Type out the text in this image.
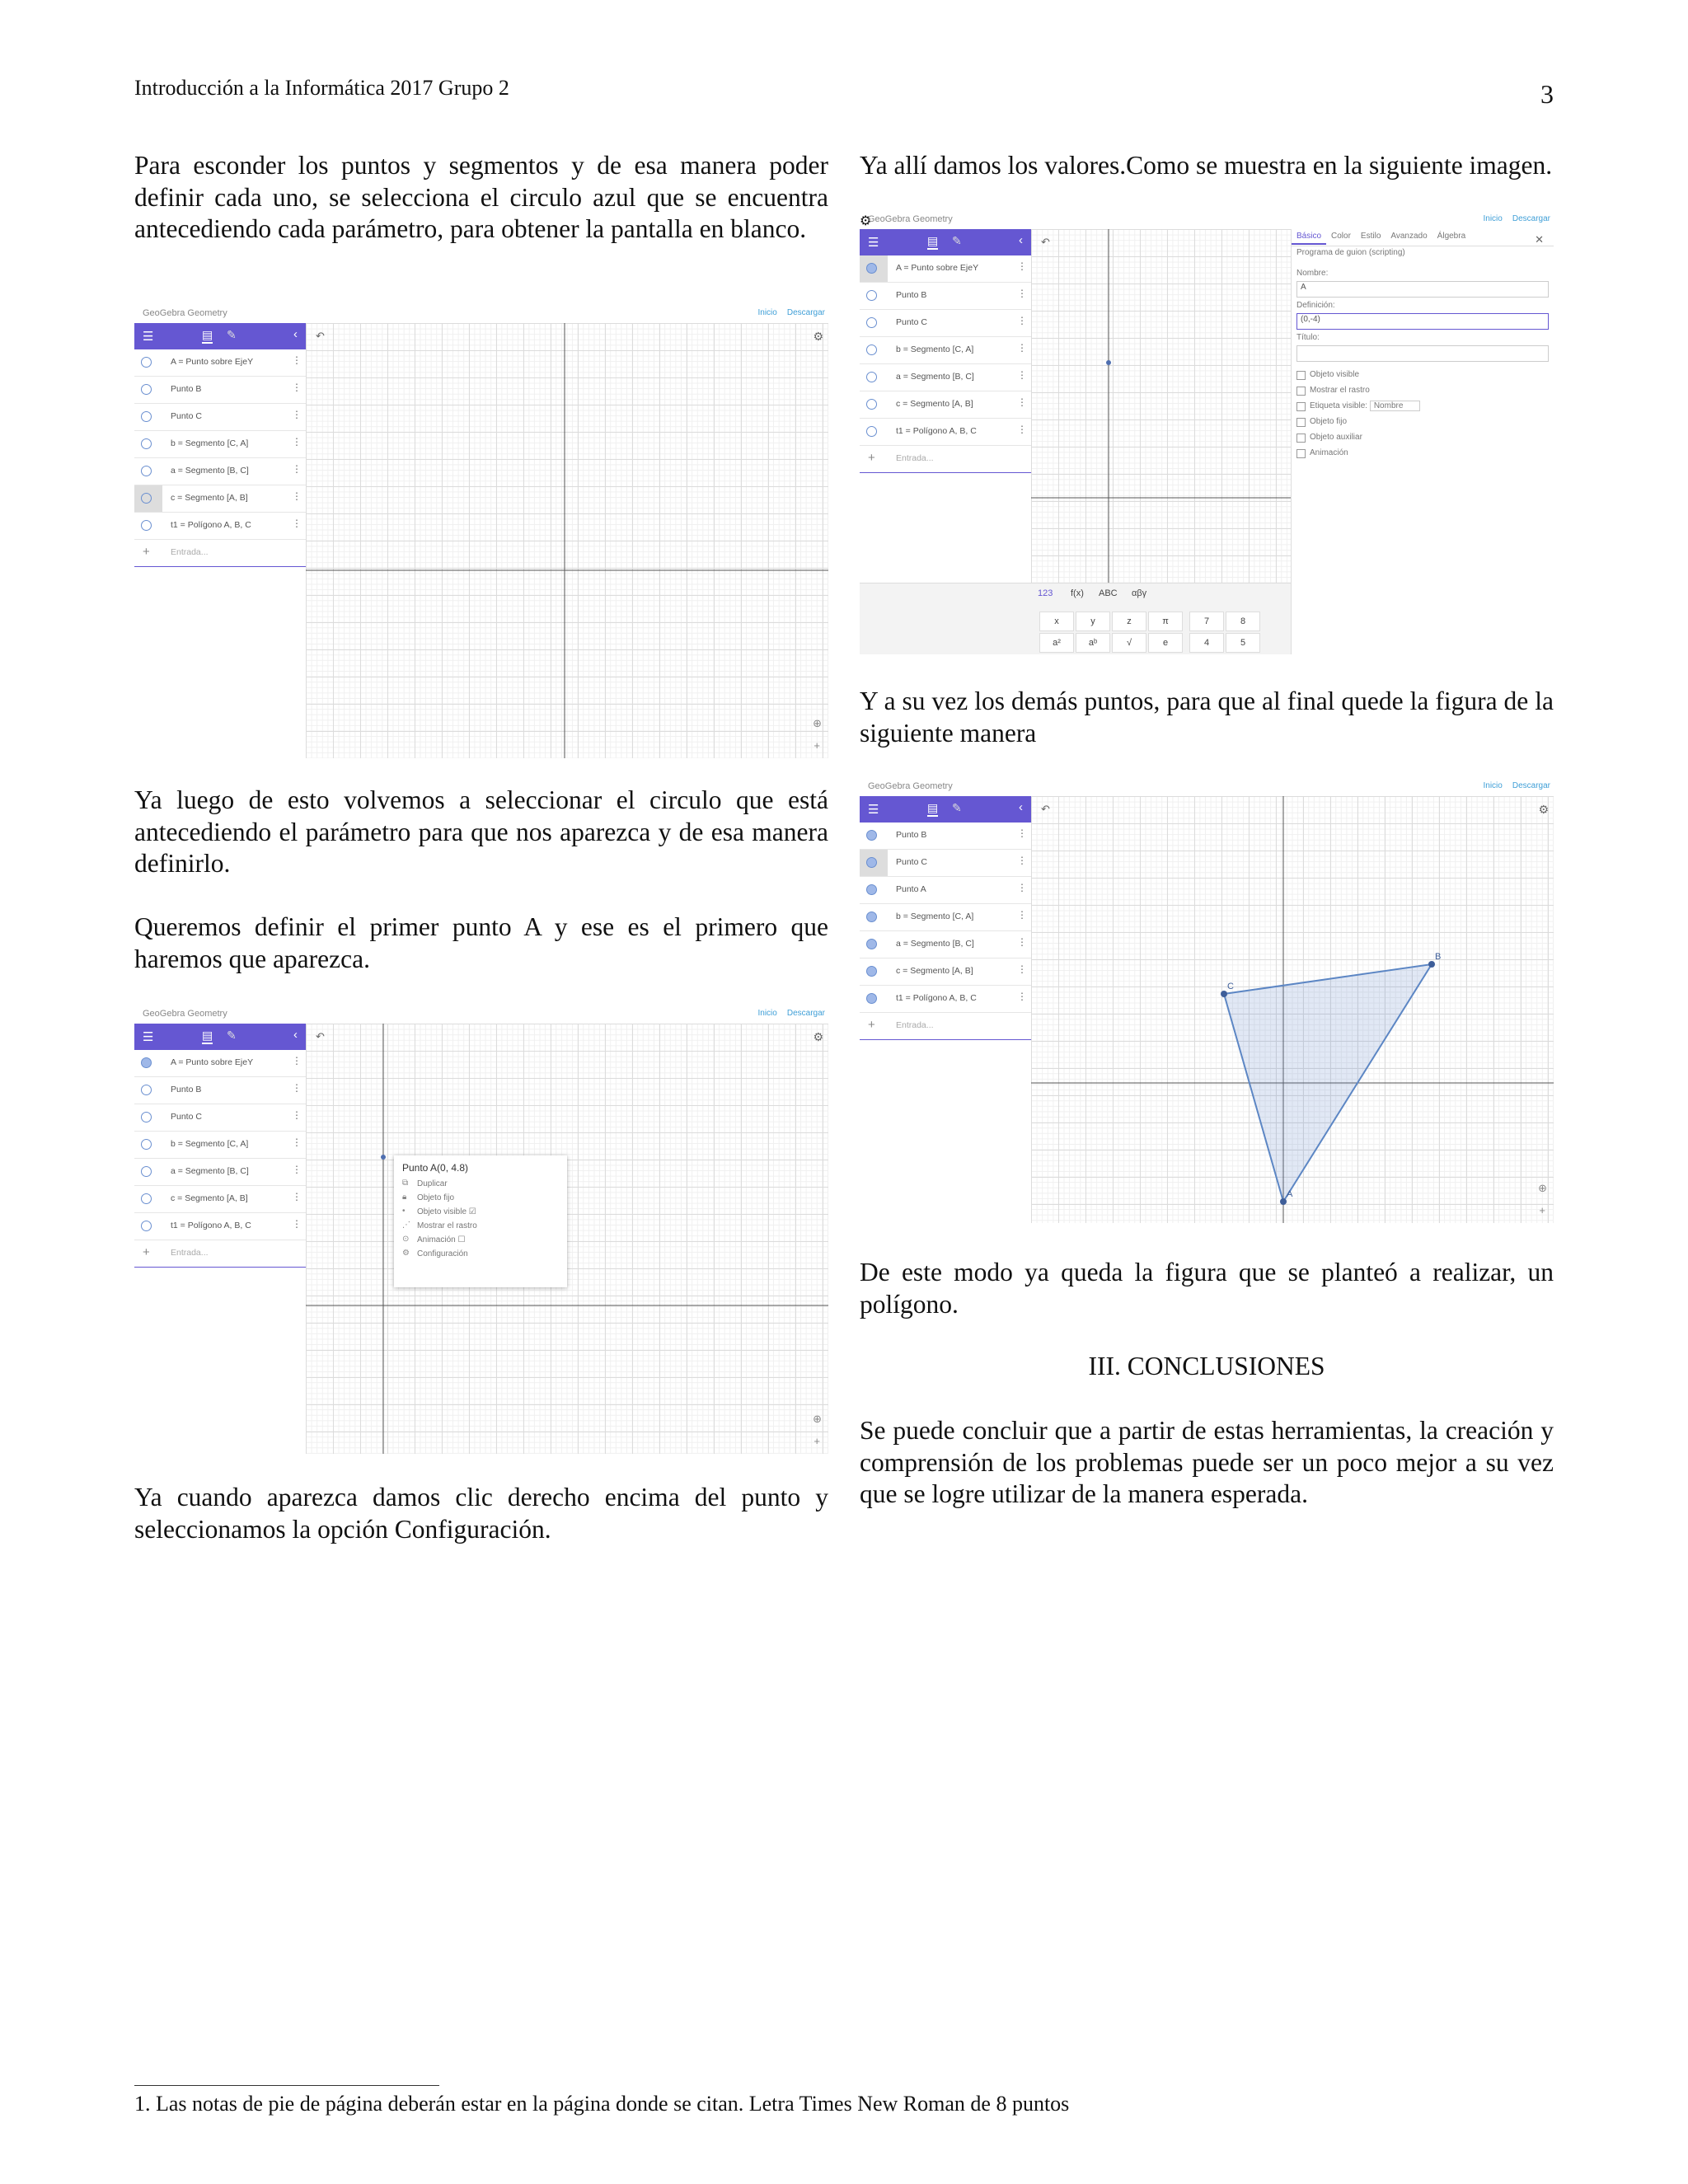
Introducción a la Informática 2017 Grupo 2	3
Para esconder los puntos y segmentos y de esa manera poder definir cada uno, se selecciona el circulo azul que se encuentra antecediendo cada parámetro, para obtener la pantalla en blanco.
GeoGebra Geometry	Inicio Descargar
☰	▤ ✎	‹
A = Punto sobre EjeY	⋮
Punto B	⋮
Punto C	⋮
b = Segmento [C, A]	⋮
a = Segmento [B, C]	⋮
c = Segmento [A, B]	⋮
t1 = Polígono A, B, C	⋮
+ Entrada...
↶	⚙
⊕
+
Ya luego de esto volvemos a seleccionar el circulo que está antecediendo el parámetro para que nos aparezca y de esa manera definirlo.
Queremos definir el primer punto A y ese es el primero que haremos que aparezca.
GeoGebra Geometry	Inicio Descargar
☰	▤ ✎	‹
A = Punto sobre EjeY	⋮
Punto B	⋮
Punto C	⋮
b = Segmento [C, A]	⋮
a = Segmento [B, C]	⋮
c = Segmento [A, B]	⋮
t1 = Polígono A, B, C	⋮
+ Entrada...
↶	⚙
⊕
+
Punto A(0, 4.8)
⧉ Duplicar
🔒︎ Objeto fijo
• Objeto visible ☑
⋰ Mostrar el rastro
⊙ Animación ☐
⚙ Configuración
Ya cuando aparezca damos clic derecho encima del punto y seleccionamos la opción Configuración.
Ya allí damos los valores.Como se muestra en la siguiente imagen.
GeoGebra Geometry	Inicio Descargar
☰	▤ ✎	‹
A = Punto sobre EjeY	⋮
Punto B	⋮
Punto C	⋮
b = Segmento [C, A]	⋮
a = Segmento [B, C]	⋮
c = Segmento [A, B]	⋮
t1 = Polígono A, B, C	⋮
+ Entrada...
↶
123 f(x) ABC αβγ
x	y	z	π	7	8
a²	aᵇ	√	e	4	5
Básico Color Estilo Avanzado Álgebra	✕
Programa de guion (scripting)
Nombre:
A
Definición:
(0,-4)
Título:
Objeto visible
Mostrar el rastro
Etiqueta visible: Nombre
Objeto fijo
Objeto auxiliar
Animación
⚙
Y a su vez los demás puntos, para que al final quede la figura de la siguiente manera
GeoGebra Geometry	Inicio Descargar
☰	▤ ✎	‹
Punto B	⋮
Punto C	⋮
Punto A	⋮
b = Segmento [C, A]	⋮
a = Segmento [B, C]	⋮
c = Segmento [A, B]	⋮
t1 = Polígono A, B, C	⋮
+ Entrada...
A
B
C
↶	⚙
⊕
+
De este modo ya queda la figura que se planteó a realizar, un polígono.
III. CONCLUSIONES
Se puede concluir que a partir de estas herramientas, la creación y comprensión de los problemas puede ser un poco mejor a su vez que se logre utilizar de la manera esperada.
1. Las notas de pie de página deberán estar en la página donde se citan. Letra Times New Roman de 8 puntos
